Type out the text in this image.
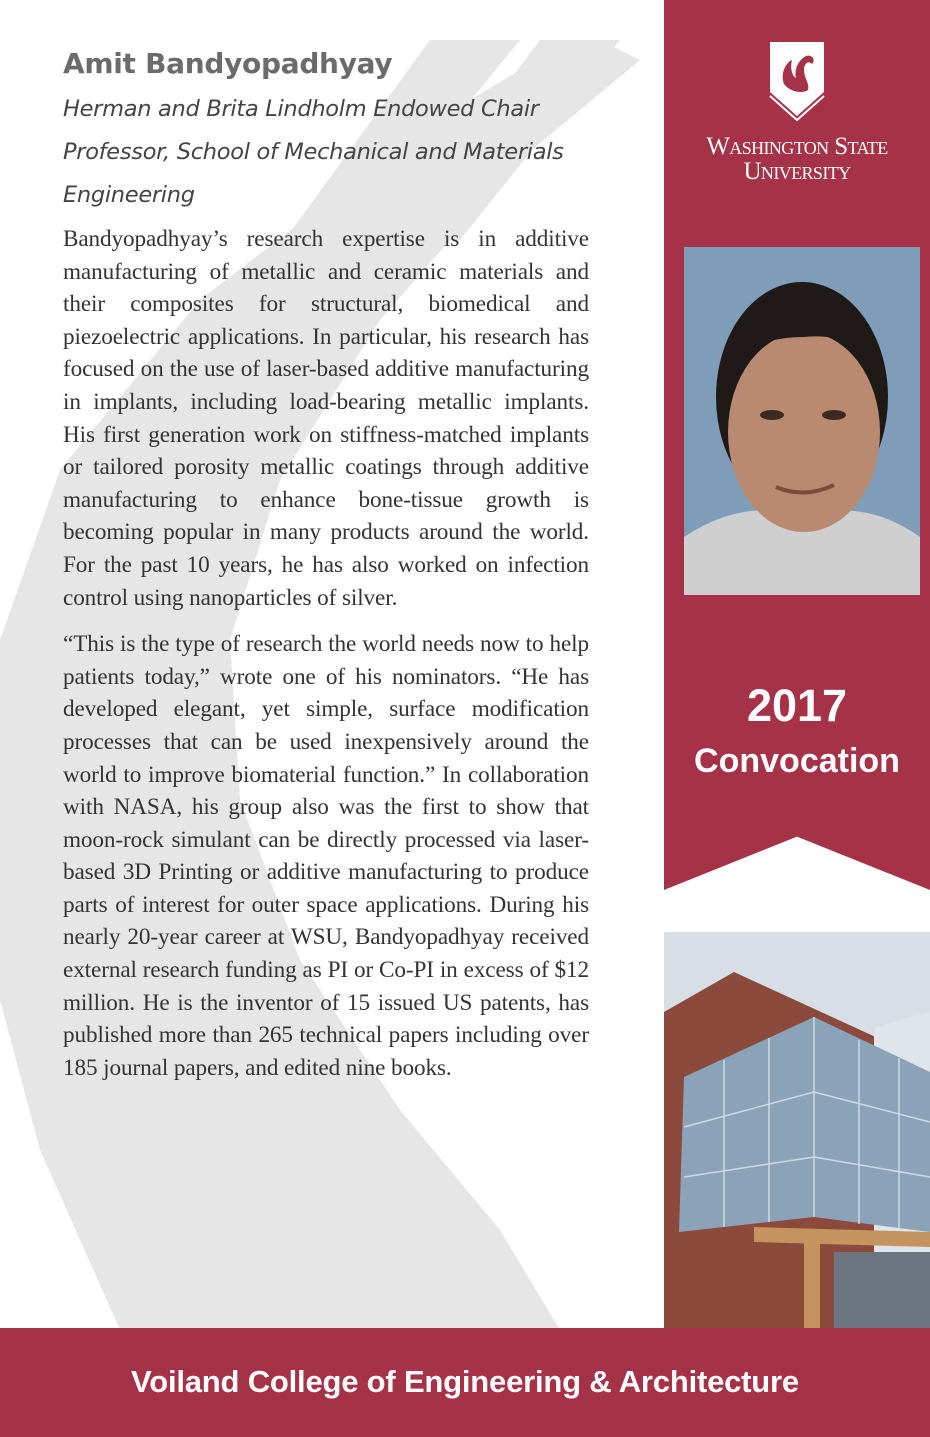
Amit Bandyopadhyay
Herman and Brita Lindholm Endowed Chair Professor, School of Mechanical and Materials Engineering

Bandyopadhyay’s research expertise is in additive manufacturing of metallic and ceramic materials and their composites for structural, biomedical and piezoelectric applications. In particular, his research has focused on the use of laser-based additive manufacturing in implants, including load-bearing metallic implants. His first generation work on stiffness-matched implants or tailored porosity metallic coatings through additive manufacturing to enhance bone-tissue growth is becoming popular in many products around the world. For the past 10 years, he has also worked on infection control using nanoparticles of silver.

“This is the type of research the world needs now to help patients today,” wrote one of his nominators. “He has developed elegant, yet simple, surface modification processes that can be used inexpensively around the world to improve biomaterial function.” In collaboration with NASA, his group also was the first to show that moon-rock simulant can be directly processed via laser-based 3D Printing or additive manufacturing to produce parts of interest for outer space applications. During his nearly 20-year career at WSU, Bandyopadhyay received external research funding as PI or Co-PI in excess of $12 million. He is the inventor of 15 issued US patents, has published more than 265 technical papers including over 185 journal papers, and edited nine books.

Washington State
University
2017
Convocation
Voiland College of Engineering & Architecture
